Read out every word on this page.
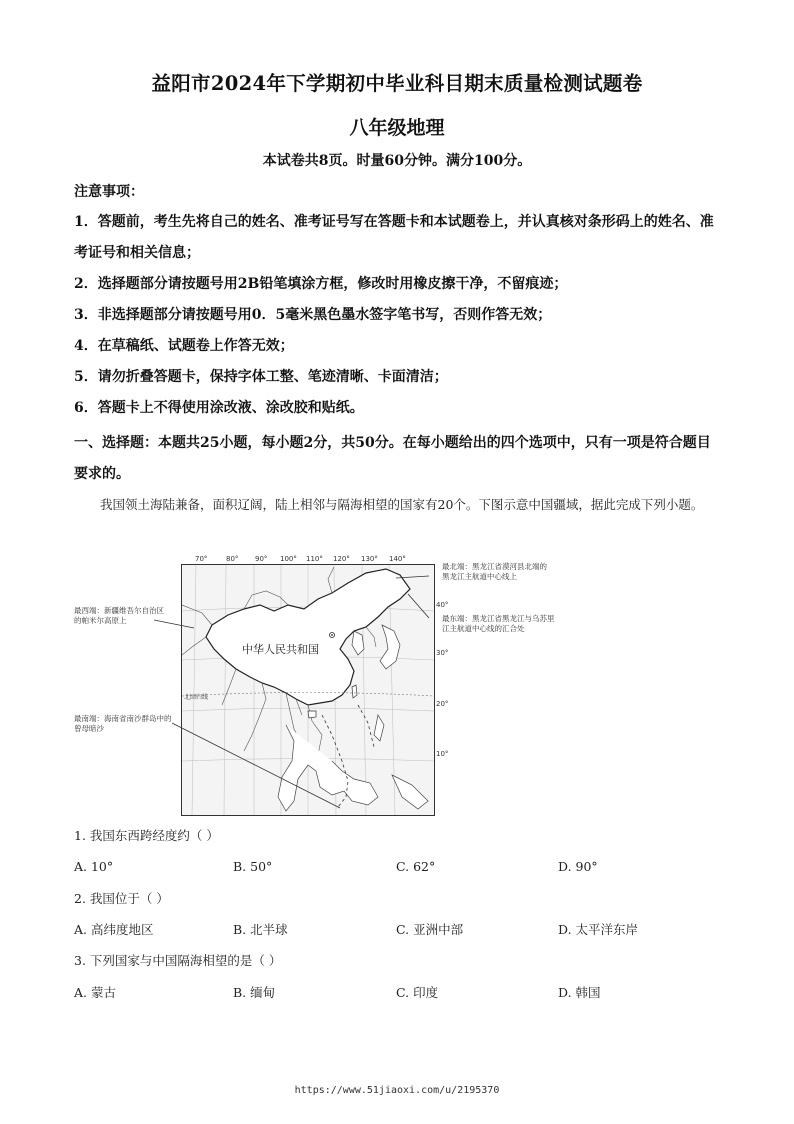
益阳市2024年下学期初中毕业科目期末质量检测试题卷
八年级地理
本试卷共8页。时量60分钟。满分100分。
注意事项：

1．答题前，考生先将自己的姓名、准考证号写在答题卡和本试题卷上，并认真核对条形码上的姓名、准考证号和相关信息；

2．选择题部分请按题号用2B铅笔填涂方框，修改时用橡皮擦干净，不留痕迹；

3．非选择题部分请按题号用0．5毫米黑色墨水签字笔书写，否则作答无效；

4．在草稿纸、试题卷上作答无效；

5．请勿折叠答题卡，保持字体工整、笔迹清晰、卡面清洁；

6．答题卡上不得使用涂改液、涂改胶和贴纸。

一、选择题：本题共25小题，每小题2分，共50分。在每小题给出的四个选项中，只有一项是符合题目要求的。

我国领土海陆兼备，面积辽阔，陆上相邻与隔海相望的国家有20个。下图示意中国疆域，据此完成下列小题。

70°	80° 90° 100° 110° 120° 130° 140°
40°
30°
20°
10°
中华人民共和国
北回归线
最北端：黑龙江省漠河县北端的黑龙江主航道中心线上
最东端：黑龙江省黑龙江与乌苏里江主航道中心线的汇合处
最西端：新疆维吾尔自治区的帕米尔高原上
最南端：海南省南沙群岛中的曾母暗沙
1. 我国东西跨经度约（ ）
A. 10°	B. 50°	C. 62°	D. 90°
2. 我国位于（ ）
A. 高纬度地区	B. 北半球	C. 亚洲中部	D. 太平洋东岸
3. 下列国家与中国隔海相望的是（ ）
A. 蒙古	B. 缅甸	C. 印度	D. 韩国
https://www.51jiaoxi.com/u/2195370
